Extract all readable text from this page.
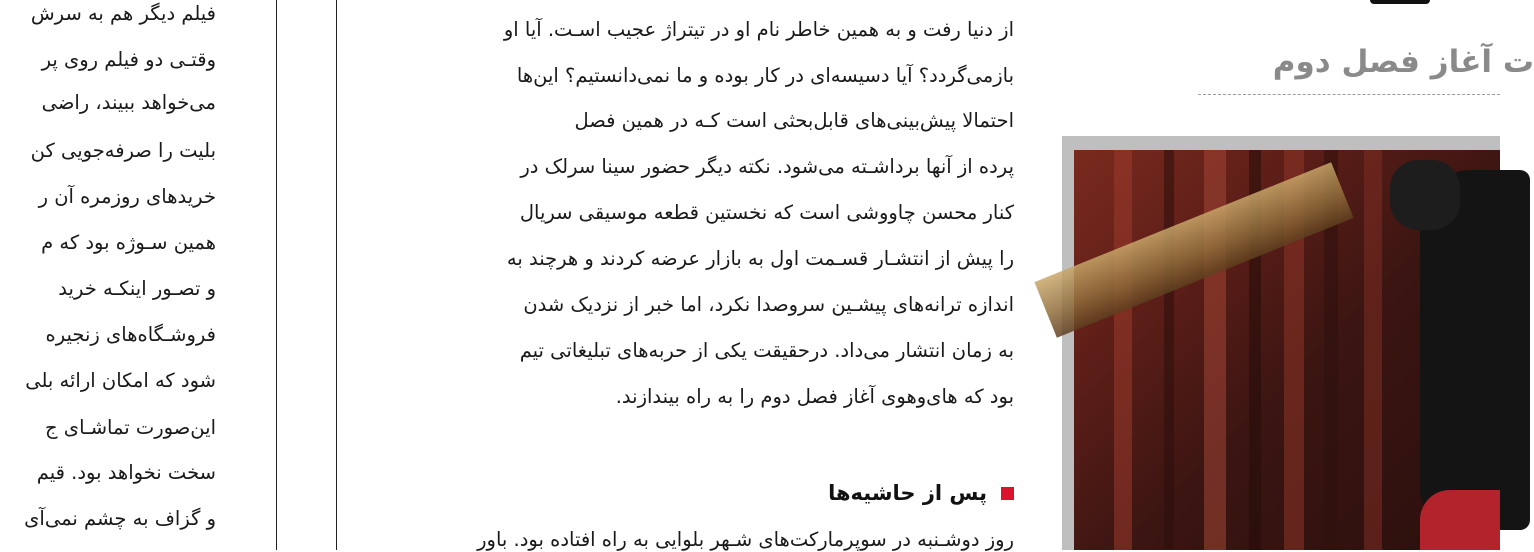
فیلم دیگر هم به سرش
وقتـی دو فیلم روی پر
می‌خواهد ببیند، راضی
بلیت را صرفه‌جویی کن
خریدهای روزمره آن ر
همین سـوژه بود که م
و تصـور اینکـه خرید
فروشـگاه‌های زنجیره
شود که امکان ارائه بلی
این‌صورت تماشـای ج
سخت نخواهد بود. قیم
و گزاف به چشم نمی‌آی
از دنیا رفت و به همین خاطر نام او در تیتراژ عجیب اسـت. آیا او
بازمی‌گردد؟ آیا دسیسه‌ای در کار بوده و ما نمی‌دانستیم؟ این‌ها
احتمالا پیش‌بینی‌های قابل‌بحثی است کـه در همین فصل
پرده از آنها برداشـته می‌شود. نکته دیگر حضور سینا سرلک در
کنار محسن چاووشی است که نخستین قطعه موسیقی سریال
را پیش از انتشـار قسـمت اول به بازار عرضه کردند و هرچند به
اندازه ترانه‌های پیشـین سروصدا نکرد، اما خبر از نزدیک شدن
به زمان انتشار می‌داد. درحقیقت یکی از حربه‌های تبلیغاتی تیم
بود که های‌وهوی آغاز فصل دوم را به راه بیندازند.
پس از حاشیه‌ها
روز دوشـنبه در سوپرمارکت‌های شـهر بلوایی به راه افتاده بود. باور
ت آغاز فصل دوم
